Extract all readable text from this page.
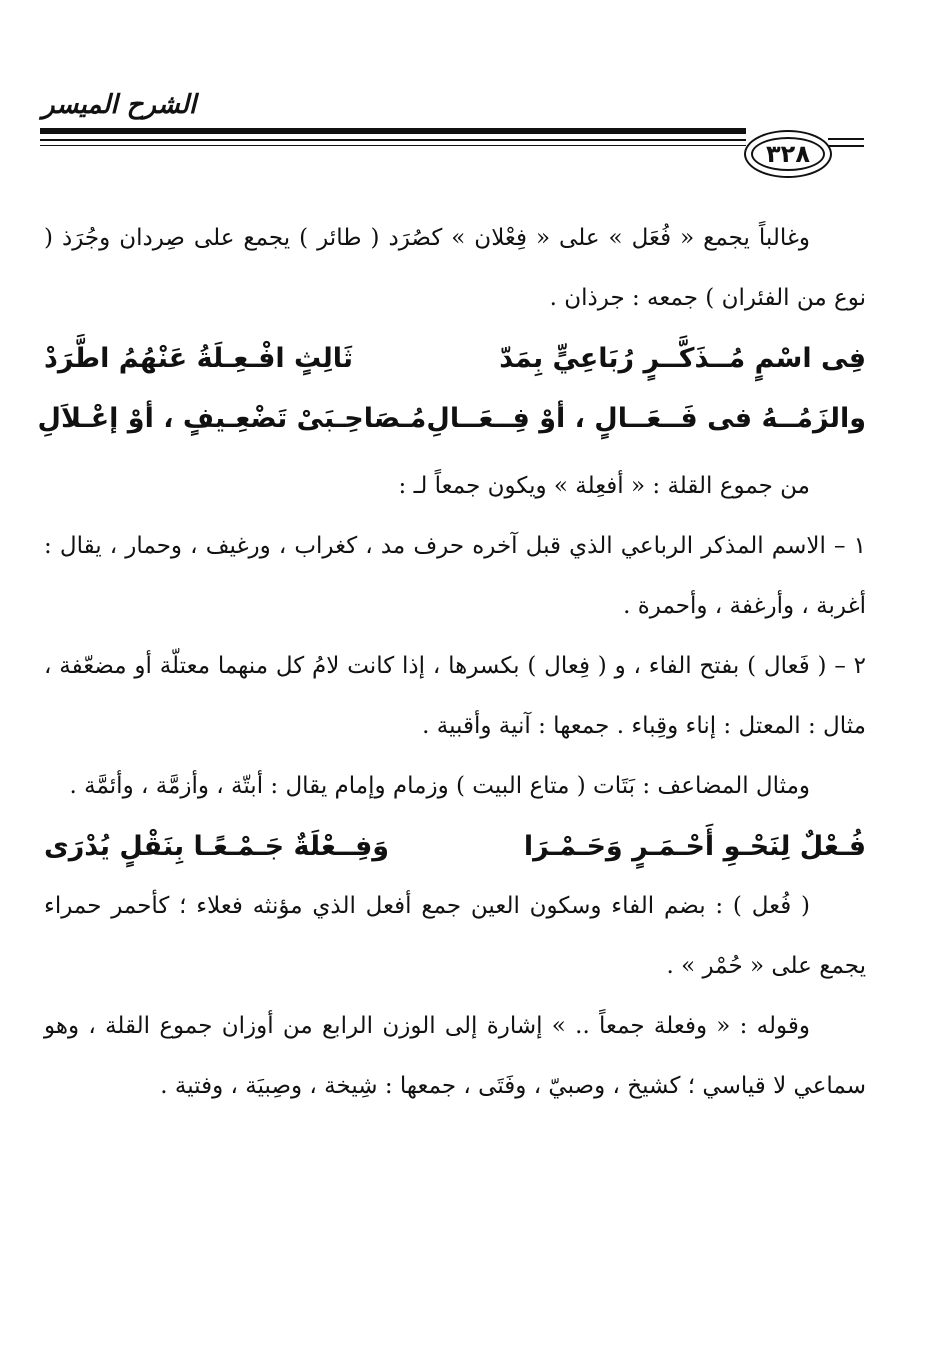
الشرح الميسر
٣٢٨

وغالباً يجمع « فُعَل » على « فِعْلان » كصُرَد ( طائر ) يجمع على صِردان وجُرَذ ( نوع من الفئران ) جمعه : جرذان .

فِى اسْمٍ مُــذَكَّــرٍ رُبَاعِيٍّ بِمَدّ
ثَالِثٍ افْـعِـلَةُ عَنْهُمُ اطَّرَدْ
والزَمُــهُ فى فَــعَــالٍ ، أوْ فِــعَــالِ
مُـصَاحِـبَىْ تَضْعِـيفٍ ، أوْ إعْـلاَلِ

من جموع القلة : « أفعِلة » ويكون جمعاً لـ :

١ – الاسم المذكر الرباعي الذي قبل آخره حرف مد ، كغراب ، ورغيف ، وحمار ، يقال : أغربة ، وأرغفة ، وأحمرة .

٢ – ( فَعال ) بفتح الفاء ، و ( فِعال ) بكسرها ، إذا كانت لامُ كل منهما معتلّة أو مضعّفة ، مثال : المعتل : إناء وقِباء . جمعها : آنية وأقبية .

ومثال المضاعف : بَتَات ( متاع البيت ) وزمام وإمام يقال : أبتّة ، وأزمَّة ، وأئمَّة .

فُـعْلٌ لِنَحْـوِ أَحْـمَـرٍ وَحَـمْـرَا
وَفِــعْلَةٌ جَـمْـعًـا بِنَقْلٍ يُدْرَى

( فُعل ) : بضم الفاء وسكون العين جمع أفعل الذي مؤنثه فعلاء ؛ كأحمر حمراء يجمع على « حُمْر » .

وقوله : « وفعلة جمعاً .. » إشارة إلى الوزن الرابع من أوزان جموع القلة ، وهو سماعي لا قياسي ؛ كشيخ ، وصبيّ ، وفَتَى ، جمعها : شِيخة ، وصِبيَة ، وفتية .
